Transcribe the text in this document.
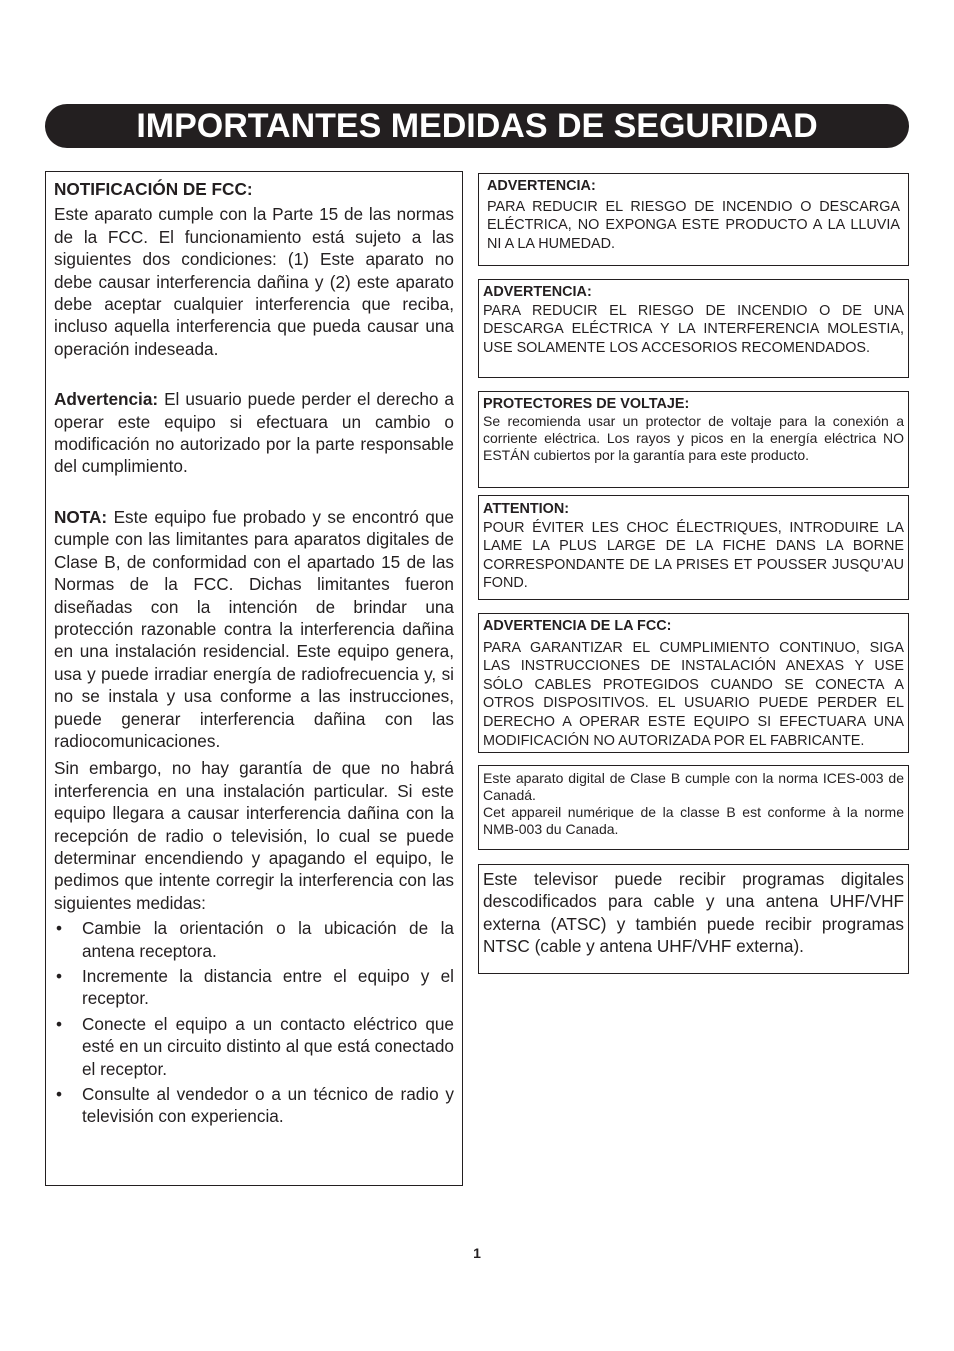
IMPORTANTES MEDIDAS DE SEGURIDAD

NOTIFICACIÓN DE FCC:

Este aparato cumple con la Parte 15 de las normas de la FCC. El funcionamiento está sujeto a las siguientes dos condiciones: (1) Este aparato no debe causar interferencia dañina y (2) este aparato debe aceptar cualquier interferencia que reciba, incluso aquella interferencia que pueda causar una operación indeseada.

Advertencia: El usuario puede perder el derecho a operar este equipo si efectuara un cambio o modificación no autorizado por la parte responsable del cumplimiento.

NOTA: Este equipo fue probado y se encontró que cumple con las limitantes para aparatos digitales de Clase B, de conformidad con el apartado 15 de las Normas de la FCC. Dichas limitantes fueron diseñadas con la intención de brindar una protección razonable contra la interferencia dañina en una instalación residencial. Este equipo genera, usa y puede irradiar energía de radiofrecuencia y, si no se instala y usa conforme a las instrucciones, puede generar interferencia dañina con las radiocomunicaciones.

Sin embargo, no hay garantía de que no habrá interferencia en una instalación particular. Si este equipo llegara a causar interferencia dañina con la recepción de radio o televisión, lo cual se puede determinar encendiendo y apagando el equipo, le pedimos que intente corregir la interferencia con las siguientes medidas:

• Cambie la orientación o la ubicación de la antena receptora.
• Incremente la distancia entre el equipo y el receptor.
• Conecte el equipo a un contacto eléctrico que esté en un circuito distinto al que está conectado el receptor.
• Consulte al vendedor o a un técnico de radio y televisión con experiencia.

ADVERTENCIA:

PARA REDUCIR EL RIESGO DE INCENDIO O DESCARGA ELÉCTRICA, NO EXPONGA ESTE PRODUCTO A LA LLUVIA NI A LA HUMEDAD.

ADVERTENCIA:

PARA REDUCIR EL RIESGO DE INCENDIO O DE UNA DESCARGA ELÉCTRICA Y LA INTERFERENCIA MOLESTIA, USE SOLAMENTE LOS ACCESORIOS RECOMENDADOS.

PROTECTORES DE VOLTAJE:

Se recomienda usar un protector de voltaje para la conexión a corriente eléctrica. Los rayos y picos en la energía eléctrica NO ESTÁN cubiertos por la garantía para este producto.

ATTENTION:

POUR ÉVITER LES CHOC ÉLECTRIQUES, INTRODUIRE LA LAME LA PLUS LARGE DE LA FICHE DANS LA BORNE CORRESPONDANTE DE LA PRISES ET POUSSER JUSQU’AU FOND.

ADVERTENCIA DE LA FCC:

PARA GARANTIZAR EL CUMPLIMIENTO CONTINUO, SIGA LAS INSTRUCCIONES DE INSTALACIÓN ANEXAS Y USE SÓLO CABLES PROTEGIDOS CUANDO SE CONECTA A OTROS DISPOSITIVOS. EL USUARIO PUEDE PERDER EL DERECHO A OPERAR ESTE EQUIPO SI EFECTUARA UNA MODIFICACIÓN NO AUTORIZADA POR EL FABRICANTE.

Este aparato digital de Clase B cumple con la norma ICES-003 de Canadá.

Cet appareil numérique de la classe B est conforme à la norme NMB-003 du Canada.

Este televisor puede recibir programas digitales descodificados para cable y una antena UHF/VHF externa (ATSC) y también puede recibir programas NTSC (cable y antena UHF/VHF externa).

1
